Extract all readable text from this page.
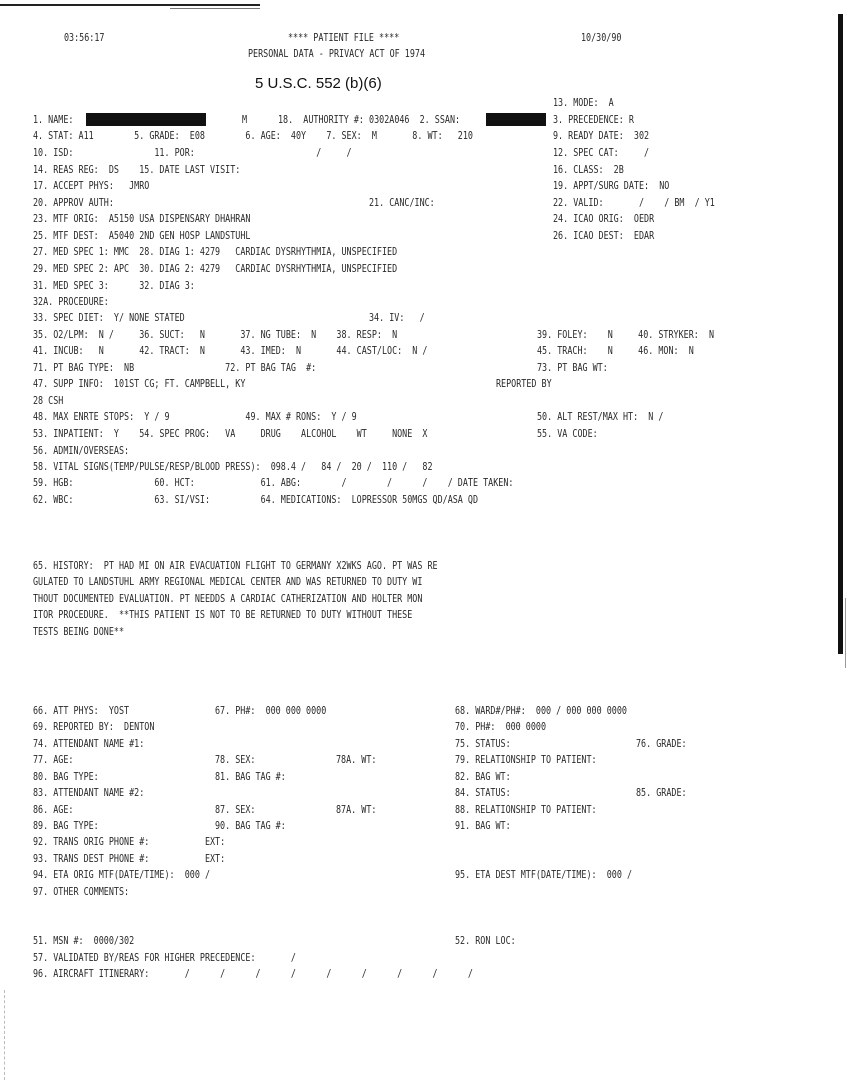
03:56:17	**** PATIENT FILE ****
PERSONAL DATA - PRIVACY ACT OF 1974
10/30/90
5 U.S.C. 552 (b)(6)
13. MODE:  A
1. NAME:	M	18.  AUTHORITY #: 0302A046  2. SSAN:	3. PRECEDENCE: R
4. STAT: A11        5. GRADE:  E08        6. AGE:  40Y    7. SEX:  M       8. WT:   210	9. READY DATE:  302
10. ISD:                11. POR:                        /     /	12. SPEC CAT:     /
14. REAS REG:  DS    15. DATE LAST VISIT:	16. CLASS:  2B
17. ACCEPT PHYS:   JMRO	19. APPT/SURG DATE:  NO
20. APPROV AUTH:	21. CANC/INC:	22. VALID:       /    / BM  / Y1
23. MTF ORIG:  A5150 USA DISPENSARY DHAHRAN	24. ICAO ORIG:  OEDR
25. MTF DEST:  A5040 2ND GEN HOSP LANDSTUHL	26. ICAO DEST:  EDAR
27. MED SPEC 1: MMC  28. DIAG 1: 4279   CARDIAC DYSRHYTHMIA, UNSPECIFIED
29. MED SPEC 2: APC  30. DIAG 2: 4279   CARDIAC DYSRHYTHMIA, UNSPECIFIED
31. MED SPEC 3:      32. DIAG 3:
32A. PROCEDURE:
33. SPEC DIET:  Y/ NONE STATED	34. IV:   /
35. O2/LPM:  N /     36. SUCT:   N       37. NG TUBE:  N    38. RESP:  N	39. FOLEY:    N     40. STRYKER:  N
41. INCUB:   N       42. TRACT:  N       43. IMED:  N       44. CAST/LOC:  N /	45. TRACH:    N     46. MON:  N
71. PT BAG TYPE:  NB                  72. PT BAG TAG  #:	73. PT BAG WT:
47. SUPP INFO:  101ST CG; FT. CAMPBELL, KY	REPORTED BY
28 CSH
48. MAX ENRTE STOPS:  Y / 9               49. MAX # RONS:  Y / 9	50. ALT REST/MAX HT:  N /
53. INPATIENT:  Y    54. SPEC PROG:   VA     DRUG    ALCOHOL    WT     NONE  X	55. VA CODE:
56. ADMIN/OVERSEAS:
58. VITAL SIGNS(TEMP/PULSE/RESP/BLOOD PRESS):  098.4 /   84 /  20 /  110 /   82
59. HGB:                60. HCT:             61. ABG:        /        /      /    / DATE TAKEN:
62. WBC:                63. SI/VSI:          64. MEDICATIONS:  LOPRESSOR 50MGS QD/ASA QD
65. HISTORY:  PT HAD MI ON AIR EVACUATION FLIGHT TO GERMANY X2WKS AGO. PT WAS RE
GULATED TO LANDSTUHL ARMY REGIONAL MEDICAL CENTER AND WAS RETURNED TO DUTY WI
THOUT DOCUMENTED EVALUATION. PT NEEDDS A CARDIAC CATHERIZATION AND HOLTER MON
ITOR PROCEDURE.  **THIS PATIENT IS NOT TO BE RETURNED TO DUTY WITHOUT THESE
TESTS BEING DONE**
66. ATT PHYS:  YOST	67. PH#:  000 000 0000	68. WARD#/PH#:  000 / 000 000 0000
69. REPORTED BY:  DENTON	70. PH#:  000 0000
74. ATTENDANT NAME #1:	75. STATUS:	76. GRADE:
77. AGE:	78. SEX:	78A. WT:	79. RELATIONSHIP TO PATIENT:
80. BAG TYPE:	81. BAG TAG #:	82. BAG WT:
83. ATTENDANT NAME #2:	84. STATUS:	85. GRADE:
86. AGE:	87. SEX:	87A. WT:	88. RELATIONSHIP TO PATIENT:
89. BAG TYPE:	90. BAG TAG #:	91. BAG WT:
92. TRANS ORIG PHONE #:           EXT:
93. TRANS DEST PHONE #:           EXT:
94. ETA ORIG MTF(DATE/TIME):  000 /	95. ETA DEST MTF(DATE/TIME):  000 /
97. OTHER COMMENTS:
51. MSN #:  0000/302	52. RON LOC:
57. VALIDATED BY/REAS FOR HIGHER PRECEDENCE:       /
96. AIRCRAFT ITINERARY:       /      /      /      /      /      /      /      /      /
